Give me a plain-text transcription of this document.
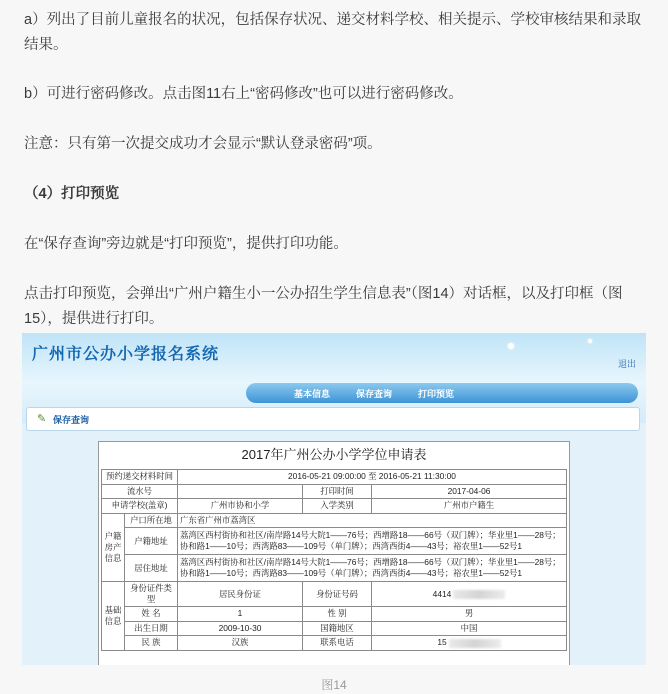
a）列出了目前儿童报名的状况，包括保存状况、递交材料学校、相关提示、学校审核结果和录取结果。
b）可进行密码修改。点击图11右上“密码修改”也可以进行密码修改。
注意：只有第一次提交成功才会显示“默认登录密码”项。
（4）打印预览
在“保存查询”旁边就是“打印预览”，提供打印功能。
点击打印预览，会弹出“广州户籍生小一公办招生学生信息表”（图14）对话框，以及打印框（图15），提供进行打印。
广州市公办小学报名系统
退出
基本信息	保存查询	打印预览
✎ 保存查询
2017年广州公办小学学位申请表
预约递交材料时间		2016-05-21 09:00:00 至 2016-05-21 11:30:00		
流水号			打印时间	2017-04-06
申请学校(盖章)		广州市协和小学	入学类别	广州市户籍生
户籍房产信息	户口所在地	广东省广州市荔湾区		
	户籍地址	荔湾区西村街协和社区/南岸路14号大院1——76号；西增路18——66号（双门牌）；华业里1——28号；协和路1——10号；西湾路83——109号（单门牌）；西湾西街4——43号；裕农里1——52号1		

	居住地址	荔湾区西村街协和社区/南岸路14号大院1——76号；西增路18——66号（双门牌）；华业里1——28号；协和路1——10号；西湾路83——109号（单门牌）；西湾西街4——43号；裕农里1——52号1		

基础信息	身份证件类型	居民身份证	身份证号码	4414
	姓 名	1	性 别	男
	出生日期	2009-10-30	国籍地区	中国
	民 族	汉族	联系电话	15
图14
